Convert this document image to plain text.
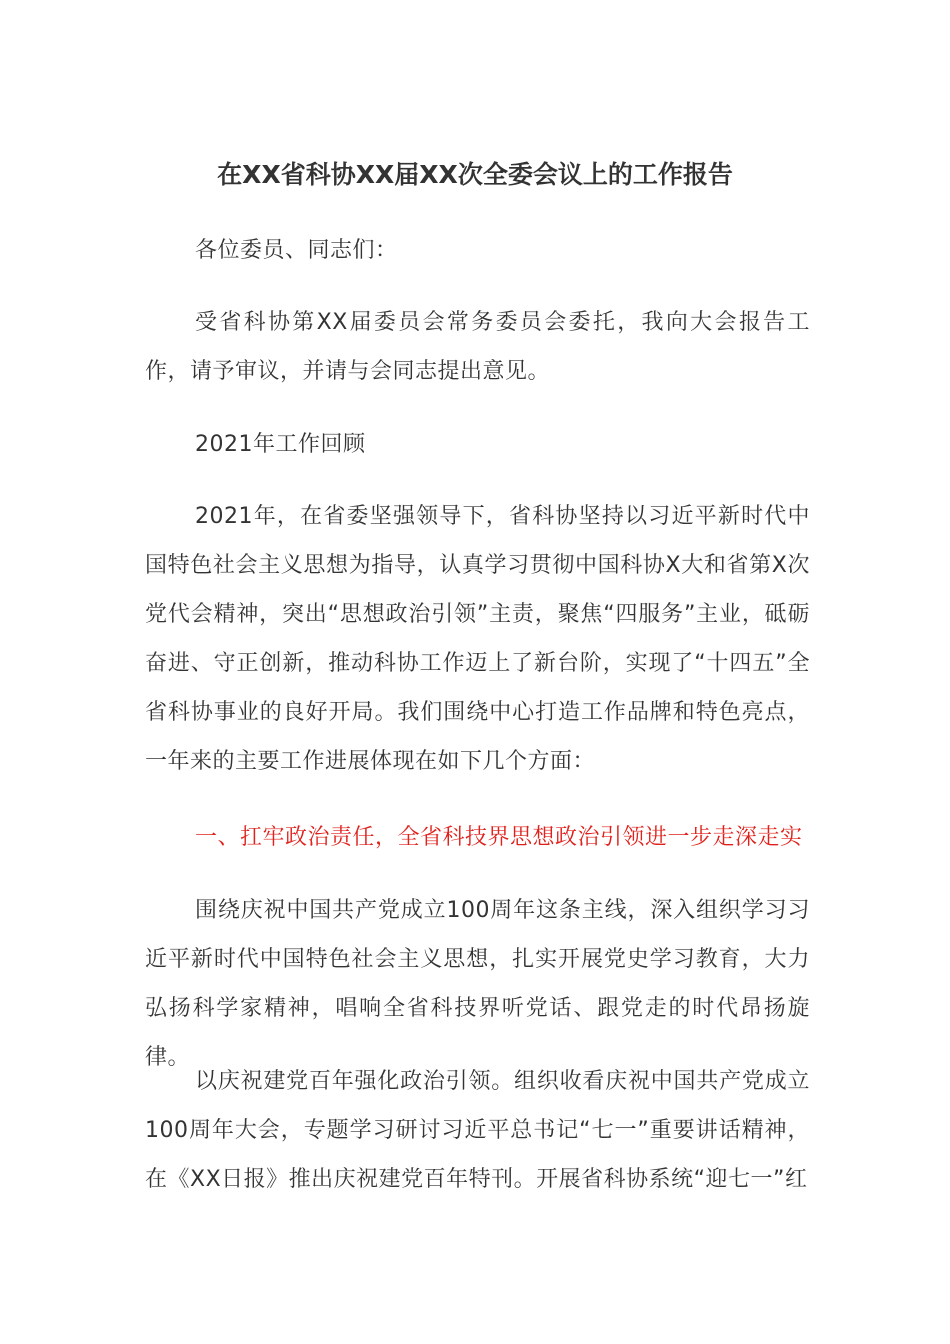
在XX省科协XX届XX次全委会议上的工作报告

各位委员、同志们：

受省科协第XX届委员会常务委员会委托，我向大会报告工作，请予审议，并请与会同志提出意见。

2021年工作回顾

2021年，在省委坚强领导下，省科协坚持以习近平新时代中国特色社会主义思想为指导，认真学习贯彻中国科协X大和省第X次党代会精神，突出“思想政治引领”主责，聚焦“四服务”主业，砥砺奋进、守正创新，推动科协工作迈上了新台阶，实现了“十四五”全省科协事业的良好开局。我们围绕中心打造工作品牌和特色亮点，一年来的主要工作进展体现在如下几个方面：

一、扛牢政治责任，全省科技界思想政治引领进一步走深走实

围绕庆祝中国共产党成立100周年这条主线，深入组织学习习近平新时代中国特色社会主义思想，扎实开展党史学习教育，大力弘扬科学家精神，唱响全省科技界听党话、跟党走的时代昂扬旋律。

以庆祝建党百年强化政治引领。组织收看庆祝中国共产党成立100周年大会，专题学习研讨习近平总书记“七一”重要讲话精神，在《XX日报》推出庆祝建党百年特刊。开展省科协系统“迎七一”红
